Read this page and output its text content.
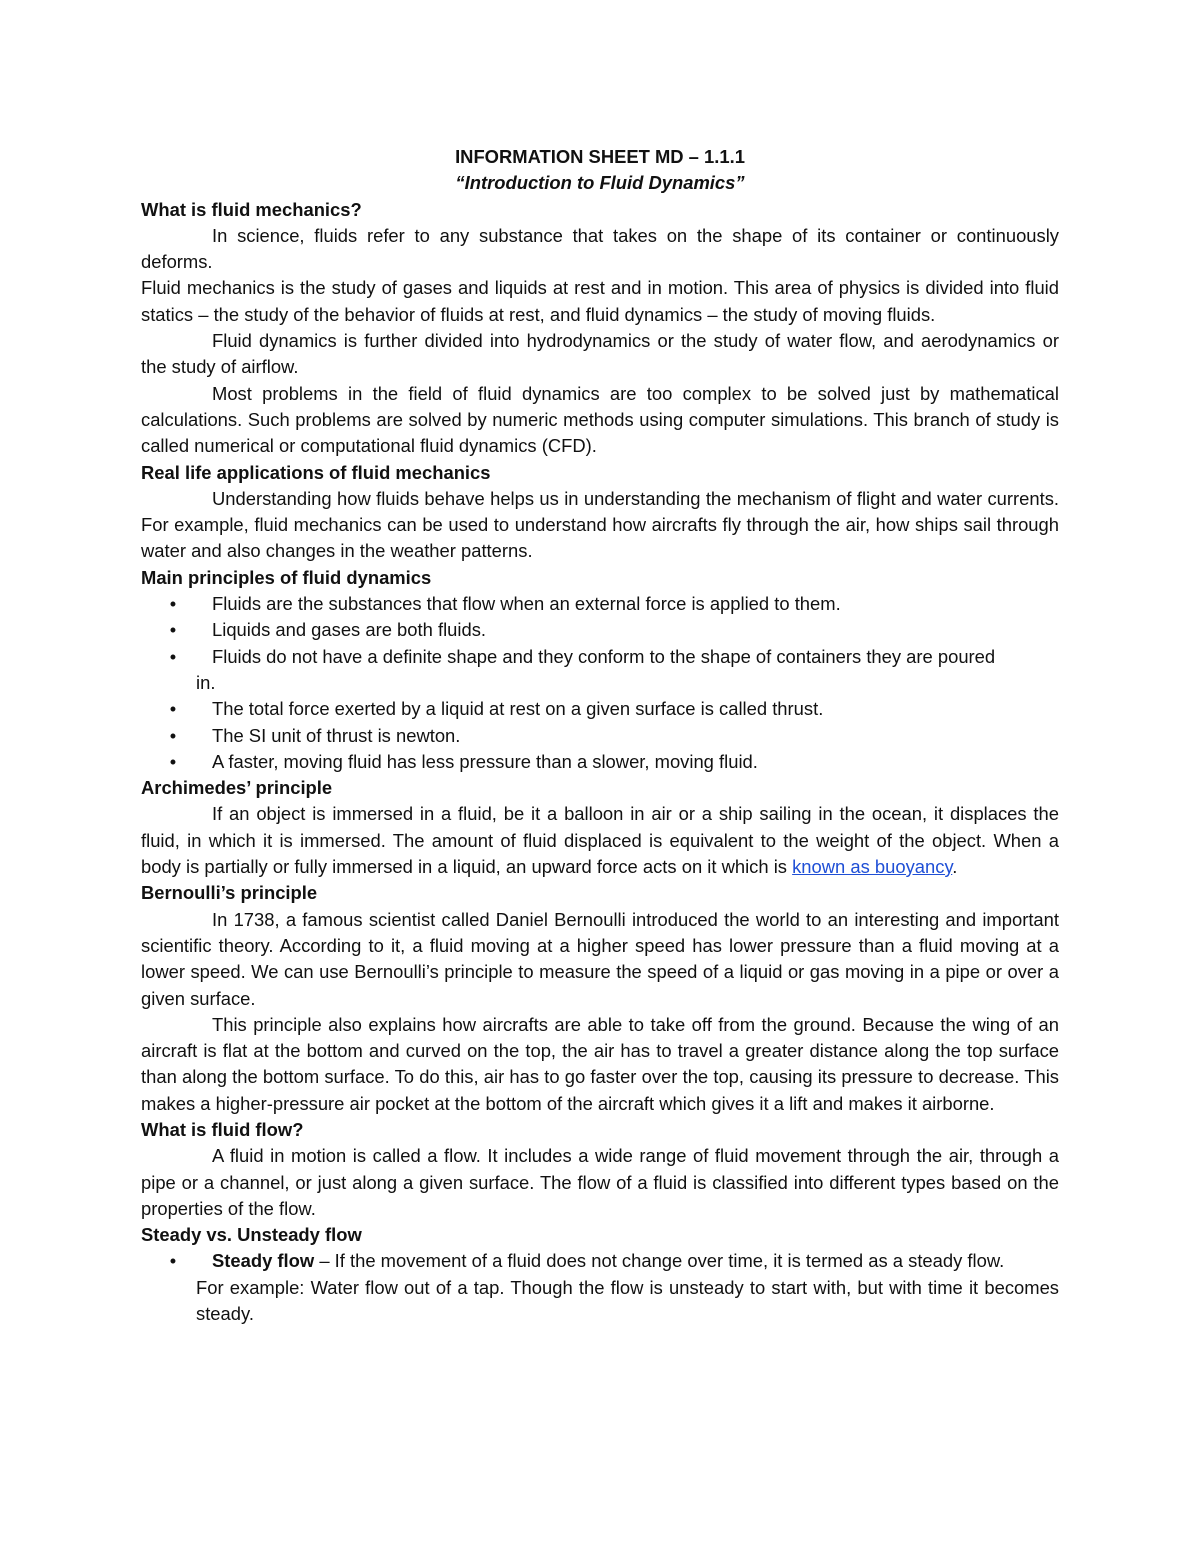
INFORMATION SHEET MD – 1.1.1

“Introduction to Fluid Dynamics”

What is fluid mechanics?

In science, fluids refer to any substance that takes on the shape of its container or continuously deforms.

Fluid mechanics is the study of gases and liquids at rest and in motion. This area of physics is divided into fluid statics – the study of the behavior of fluids at rest, and fluid dynamics – the study of moving fluids.

Fluid dynamics is further divided into hydrodynamics or the study of water flow, and aerodynamics or the study of airflow.

Most problems in the field of fluid dynamics are too complex to be solved just by mathematical calculations. Such problems are solved by numeric methods using computer simulations. This branch of study is called numerical or computational fluid dynamics (CFD).

Real life applications of fluid mechanics

Understanding how fluids behave helps us in understanding the mechanism of flight and water currents. For example, fluid mechanics can be used to understand how aircrafts fly through the air, how ships sail through water and also changes in the weather patterns.

Main principles of fluid dynamics

•	Fluids are the substances that flow when an external force is applied to them.
•	Liquids and gases are both fluids.
•	Fluids do not have a definite shape and they conform to the shape of containers they are poured
in.
•	The total force exerted by a liquid at rest on a given surface is called thrust.
•	The SI unit of thrust is newton.
•	A faster, moving fluid has less pressure than a slower, moving fluid.

Archimedes’ principle

If an object is immersed in a fluid, be it a balloon in air or a ship sailing in the ocean, it displaces the fluid, in which it is immersed. The amount of fluid displaced is equivalent to the weight of the object. When a body is partially or fully immersed in a liquid, an upward force acts on it which is known as buoyancy.

Bernoulli’s principle

In 1738, a famous scientist called Daniel Bernoulli introduced the world to an interesting and important scientific theory. According to it, a fluid moving at a higher speed has lower pressure than a fluid moving at a lower speed. We can use Bernoulli’s principle to measure the speed of a liquid or gas moving in a pipe or over a given surface.

This principle also explains how aircrafts are able to take off from the ground. Because the wing of an aircraft is flat at the bottom and curved on the top, the air has to travel a greater distance along the top surface than along the bottom surface. To do this, air has to go faster over the top, causing its pressure to decrease. This makes a higher-pressure air pocket at the bottom of the aircraft which gives it a lift and makes it airborne.

What is fluid flow?

A fluid in motion is called a flow. It includes a wide range of fluid movement through the air, through a pipe or a channel, or just along a given surface. The flow of a fluid is classified into different types based on the properties of the flow.

Steady vs. Unsteady flow

•	Steady flow – If the movement of a fluid does not change over time, it is termed as a steady flow.

For example: Water flow out of a tap. Though the flow is unsteady to start with, but with time it becomes steady.
